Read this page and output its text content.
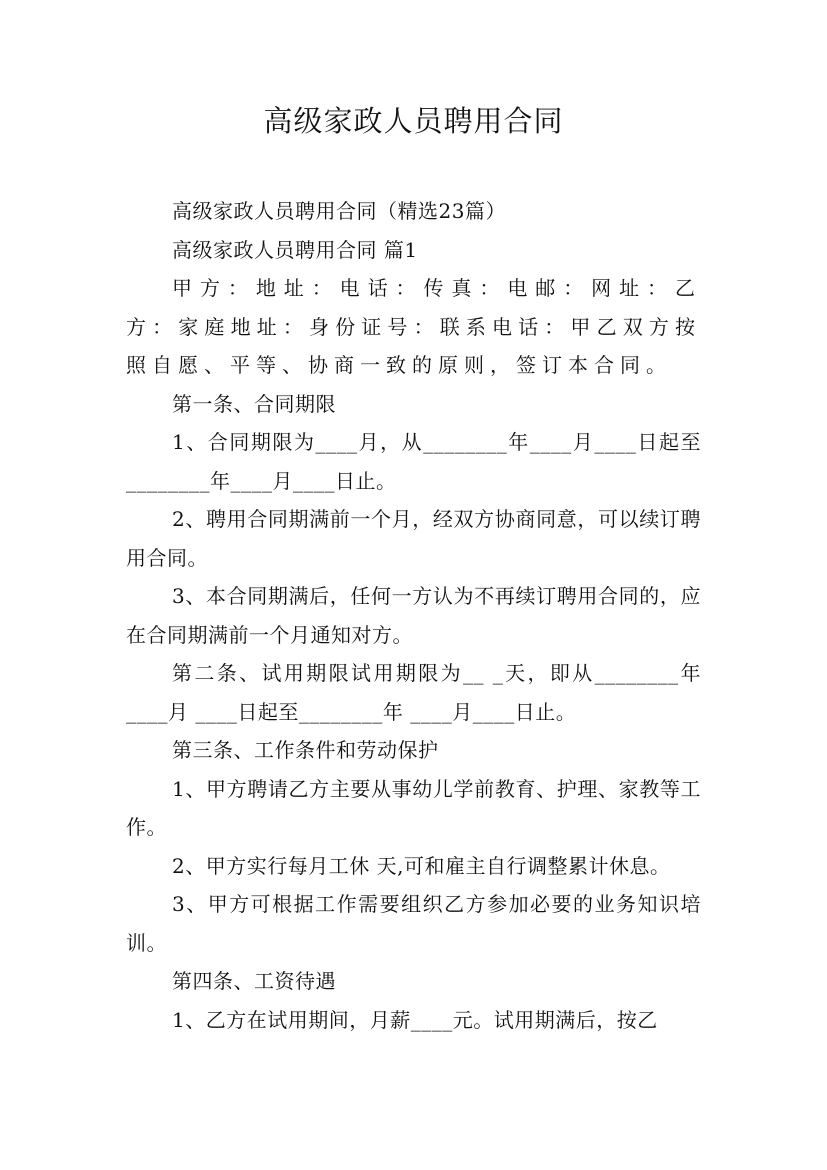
高级家政人员聘用合同

高级家政人员聘用合同（精选23篇）

高级家政人员聘用合同 篇1

甲方：地址：电话：传真：电邮：网址：乙方：家庭地址：身份证号：联系电话：甲乙双方按照自愿、平等、协商一致的原则，签订本合同。

第一条、合同期限

1、合同期限为____月，从________年____月____日起至________年____月____日止。

2、聘用合同期满前一个月，经双方协商同意，可以续订聘用合同。

3、本合同期满后，任何一方认为不再续订聘用合同的，应在合同期满前一个月通知对方。

第二条、试用期限试用期限为__ _天，即从________年____月 ____日起至________年 ____月____日止。

第三条、工作条件和劳动保护

1、甲方聘请乙方主要从事幼儿学前教育、护理、家教等工作。

2、甲方实行每月工休 天,可和雇主自行调整累计休息。

3、甲方可根据工作需要组织乙方参加必要的业务知识培训。

第四条、工资待遇

1、乙方在试用期间，月薪____元。试用期满后，按乙
